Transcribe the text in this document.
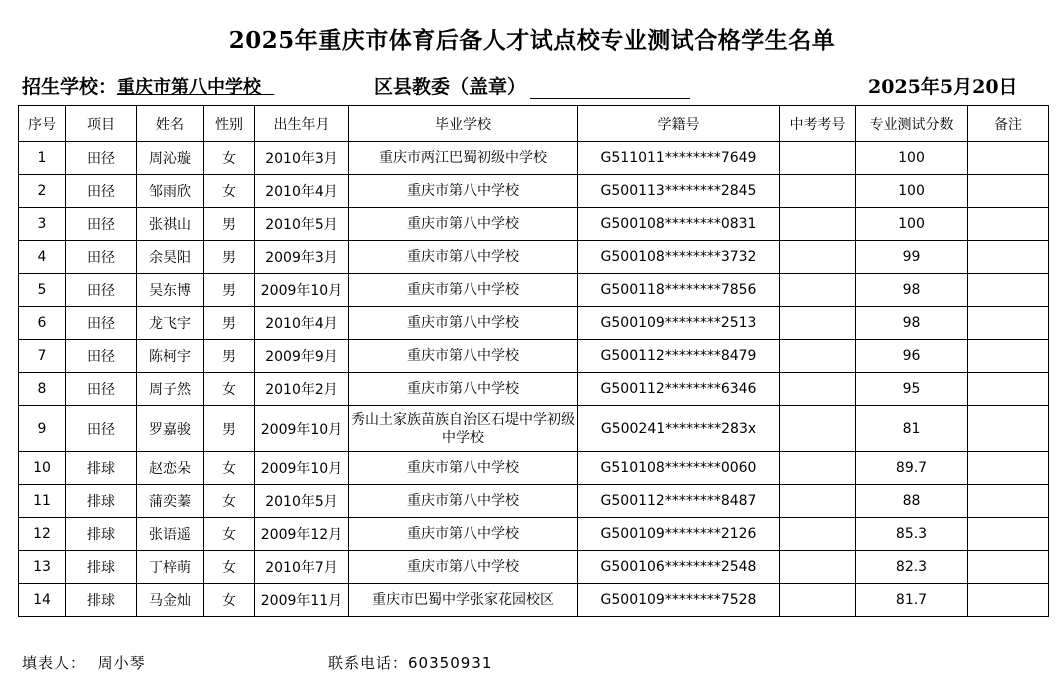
2025年重庆市体育后备人才试点校专业测试合格学生名单
招生学校：重庆市第八中学校	区县教委（盖章）	2025年5月20日
序号	项目	姓名	性别	出生年月	毕业学校	学籍号	中考考号	专业测试分数	备注
1	田径	周沁璇	女	2010年3月	重庆市两江巴蜀初级中学校	G511011********7649		100	
2	田径	邹雨欣	女	2010年4月	重庆市第八中学校	G500113********2845		100	
3	田径	张祺山	男	2010年5月	重庆市第八中学校	G500108********0831		100	
4	田径	余昊阳	男	2009年3月	重庆市第八中学校	G500108********3732		99	
5	田径	吴东博	男	2009年10月	重庆市第八中学校	G500118********7856		98	
6	田径	龙飞宇	男	2010年4月	重庆市第八中学校	G500109********2513		98	
7	田径	陈柯宇	男	2009年9月	重庆市第八中学校	G500112********8479		96	
8	田径	周子然	女	2010年2月	重庆市第八中学校	G500112********6346		95	
9	田径	罗嘉骏	男	2009年10月	秀山土家族苗族自治区石堤中学初级中学校	G500241********283x		81	
10	排球	赵恋朵	女	2009年10月	重庆市第八中学校	G510108********0060		89.7	
11	排球	蒲奕蓁	女	2010年5月	重庆市第八中学校	G500112********8487		88	
12	排球	张语遥	女	2009年12月	重庆市第八中学校	G500109********2126		85.3	
13	排球	丁梓萌	女	2010年7月	重庆市第八中学校	G500106********2548		82.3	
14	排球	马金灿	女	2009年11月	重庆市巴蜀中学张家花园校区	G500109********7528		81.7	
填表人： 周小琴	联系电话：60350931
